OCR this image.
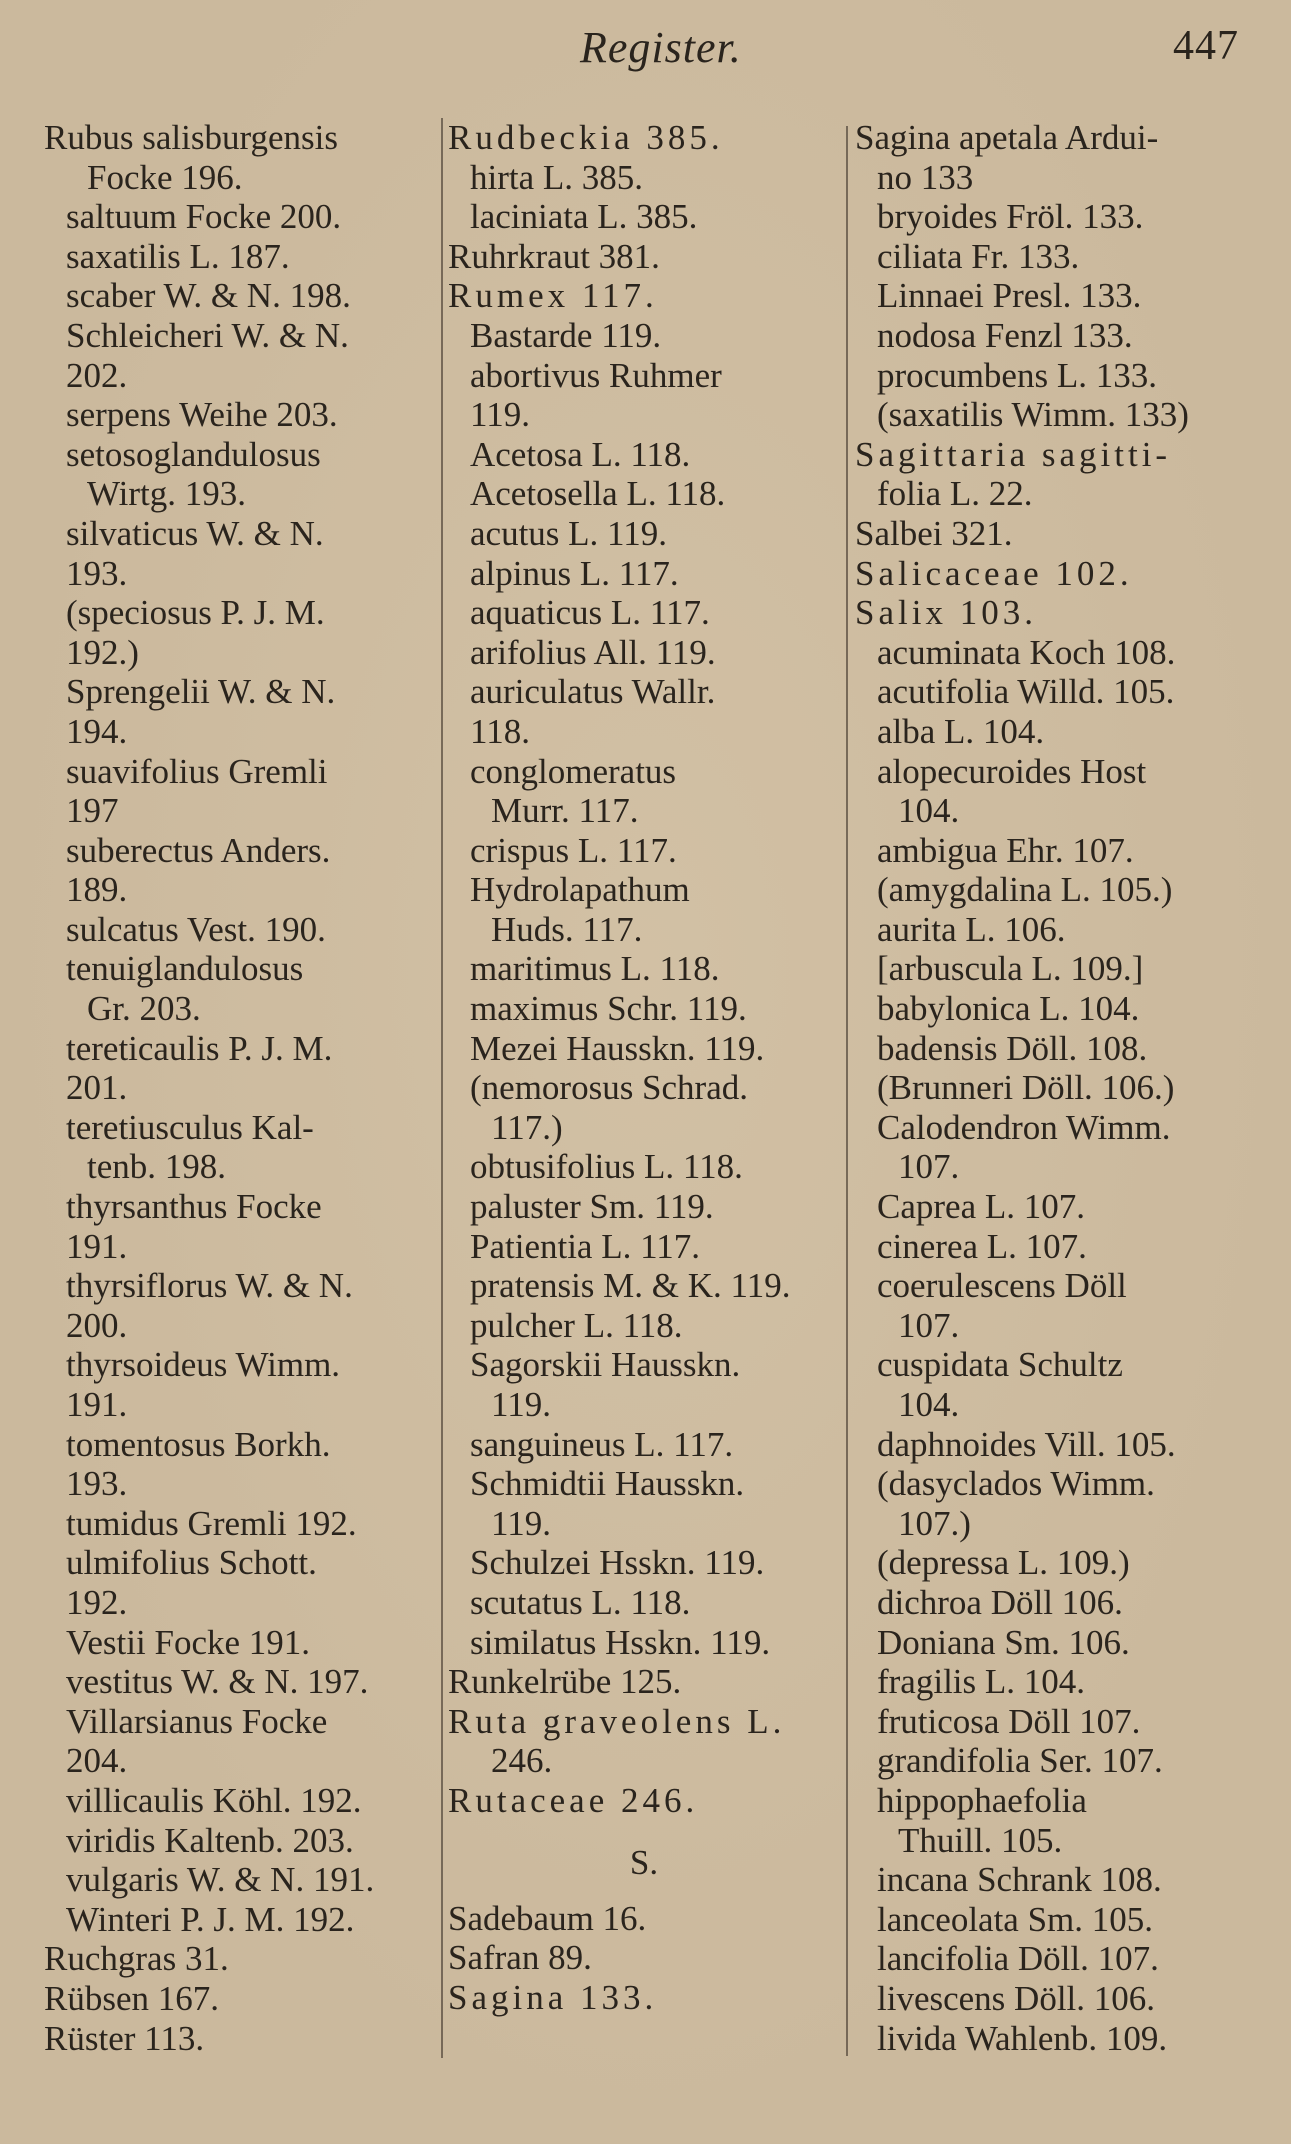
Register.	447
Rubus salisburgensis
Focke 196.
saltuum Focke 200.
saxatilis L. 187.
scaber W. & N. 198.
Schleicheri W. & N.
202.
serpens Weihe 203.
setosoglandulosus
Wirtg. 193.
silvaticus W. & N.
193.
(speciosus P. J. M.
192.)
Sprengelii W. & N.
194.
suavifolius Gremli
197
suberectus Anders.
189.
sulcatus Vest. 190.
tenuiglandulosus
Gr. 203.
tereticaulis P. J. M.
201.
teretiusculus Kal-
tenb. 198.
thyrsanthus Focke
191.
thyrsiflorus W. & N.
200.
thyrsoideus Wimm.
191.
tomentosus Borkh.
193.
tumidus Gremli 192.
ulmifolius Schott.
192.
Vestii Focke 191.
vestitus W. & N. 197.
Villarsianus Focke
204.
villicaulis Köhl. 192.
viridis Kaltenb. 203.
vulgaris W. & N. 191.
Winteri P. J. M. 192.
Ruchgras 31.
Rübsen 167.
Rüster 113.
Rudbeckia 385.
hirta L. 385.
laciniata L. 385.
Ruhrkraut 381.
Rumex 117.
Bastarde 119.
abortivus Ruhmer
119.
Acetosa L. 118.
Acetosella L. 118.
acutus L. 119.
alpinus L. 117.
aquaticus L. 117.
arifolius All. 119.
auriculatus Wallr.
118.
conglomeratus
Murr. 117.
crispus L. 117.
Hydrolapathum
Huds. 117.
maritimus L. 118.
maximus Schr. 119.
Mezei Hausskn. 119.
(nemorosus Schrad.
117.)
obtusifolius L. 118.
paluster Sm. 119.
Patientia L. 117.
pratensis M. & K. 119.
pulcher L. 118.
Sagorskii Hausskn.
119.
sanguineus L. 117.
Schmidtii Hausskn.
119.
Schulzei Hsskn. 119.
scutatus L. 118.
similatus Hsskn. 119.
Runkelrübe 125.
Ruta graveolens L.
246.
Rutaceae 246.
S.
Sadebaum 16.
Safran 89.
Sagina 133.
Sagina apetala Ardui-
no 133
bryoides Fröl. 133.
ciliata Fr. 133.
Linnaei Presl. 133.
nodosa Fenzl 133.
procumbens L. 133.
(saxatilis Wimm. 133)
Sagittaria sagitti-
folia L. 22.
Salbei 321.
Salicaceae 102.
Salix 103.
acuminata Koch 108.
acutifolia Willd. 105.
alba L. 104.
alopecuroides Host
104.
ambigua Ehr. 107.
(amygdalina L. 105.)
aurita L. 106.
[arbuscula L. 109.]
babylonica L. 104.
badensis Döll. 108.
(Brunneri Döll. 106.)
Calodendron Wimm.
107.
Caprea L. 107.
cinerea L. 107.
coerulescens Döll
107.
cuspidata Schultz
104.
daphnoides Vill. 105.
(dasyclados Wimm.
107.)
(depressa L. 109.)
dichroa Döll 106.
Doniana Sm. 106.
fragilis L. 104.
fruticosa Döll 107.
grandifolia Ser. 107.
hippophaefolia
Thuill. 105.
incana Schrank 108.
lanceolata Sm. 105.
lancifolia Döll. 107.
livescens Döll. 106.
livida Wahlenb. 109.
